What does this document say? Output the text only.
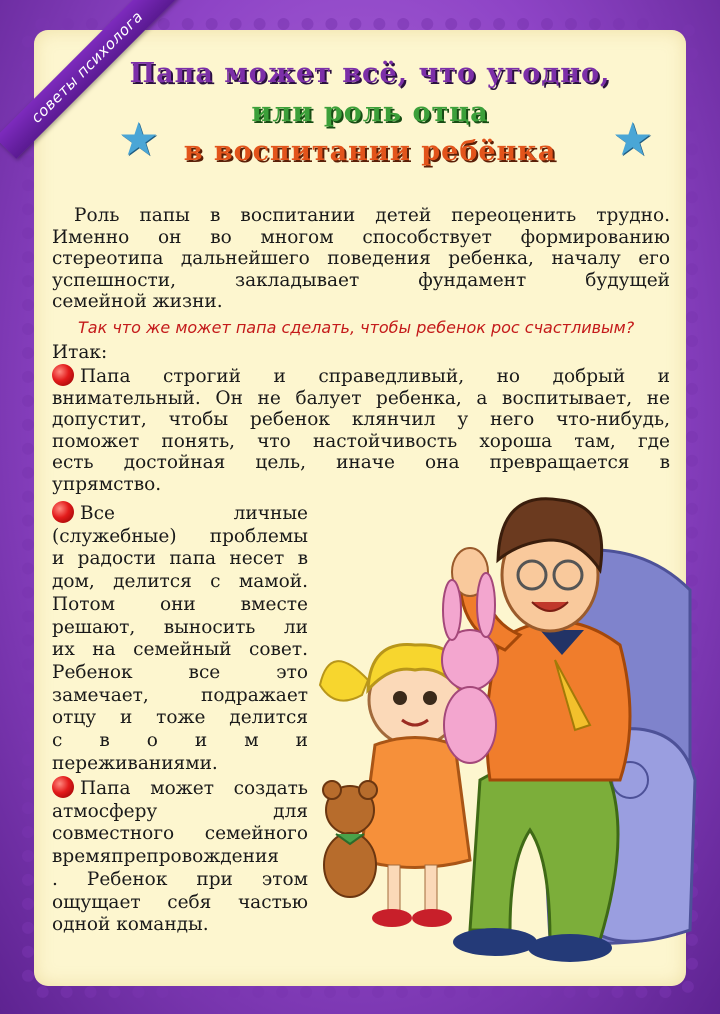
советы психолога
Папа может всё, что угодно,
или роль отца
в воспитании ребёнка
★	★
Роль папы в воспитании детей переоценить трудно.
Именно он во многом способствует формированию
стереотипа дальнейшего поведения ребенка, началу его
успешности, закладывает фундамент будущей
семейной жизни.
Так что же может папа сделать, чтобы ребенок рос счастливым?
Итак:
Папа строгий и справедливый, но добрый и
внимательный. Он не балует ребенка, а воспитывает, не
допустит, чтобы ребенок клянчил у него что-нибудь,
поможет понять, что настойчивость хороша там, где
есть достойная цель, иначе она превращается в
упрямство.
Все личные
(служебные) проблемы
и радости папа несет в
дом, делится с мамой.
Потом они вместе
решают, выносить ли
их на семейный совет.
Ребенок все это
замечает, подражает
отцу и тоже делится
с в о и м и
переживаниями.
Папа может создать
атмосферу для
совместного семейного
времяпрепровождения
. Ребенок при этом
ощущает себя частью
одной команды.
